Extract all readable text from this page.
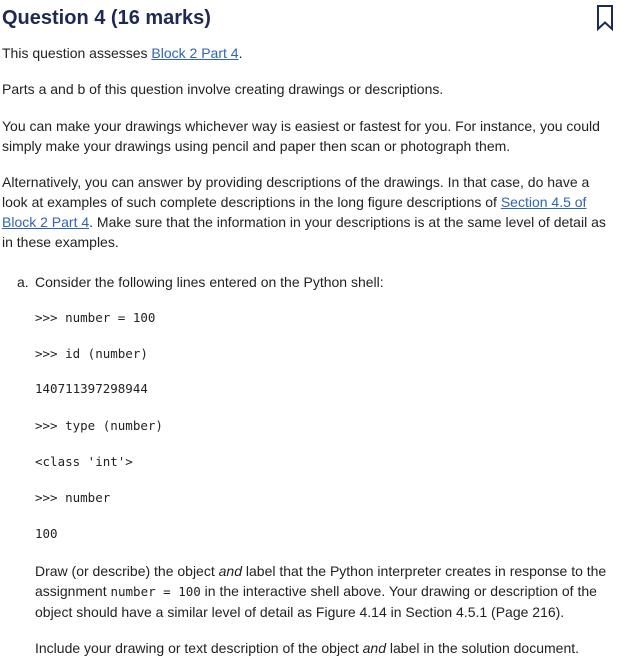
Question 4 (16 marks)

This question assesses Block 2 Part 4.

Parts a and b of this question involve creating drawings or descriptions.

You can make your drawings whichever way is easiest or fastest for you. For instance, you could simply make your drawings using pencil and paper then scan or photograph them.

Alternatively, you can answer by providing descriptions of the drawings. In that case, do have a look at examples of such complete descriptions in the long figure descriptions of Section 4.5 of Block 2 Part 4. Make sure that the information in your descriptions is at the same level of detail as in these examples.

a. Consider the following lines entered on the Python shell:
>>> number = 100
>>> id (number)
140711397298944
>>> type (number)
<class 'int'>
>>> number
100

Draw (or describe) the object and label that the Python interpreter creates in response to the assignment number = 100 in the interactive shell above. Your drawing or description of the object should have a similar level of detail as Figure 4.14 in Section 4.5.1 (Page 216).

Include your drawing or text description of the object and label in the solution document.
